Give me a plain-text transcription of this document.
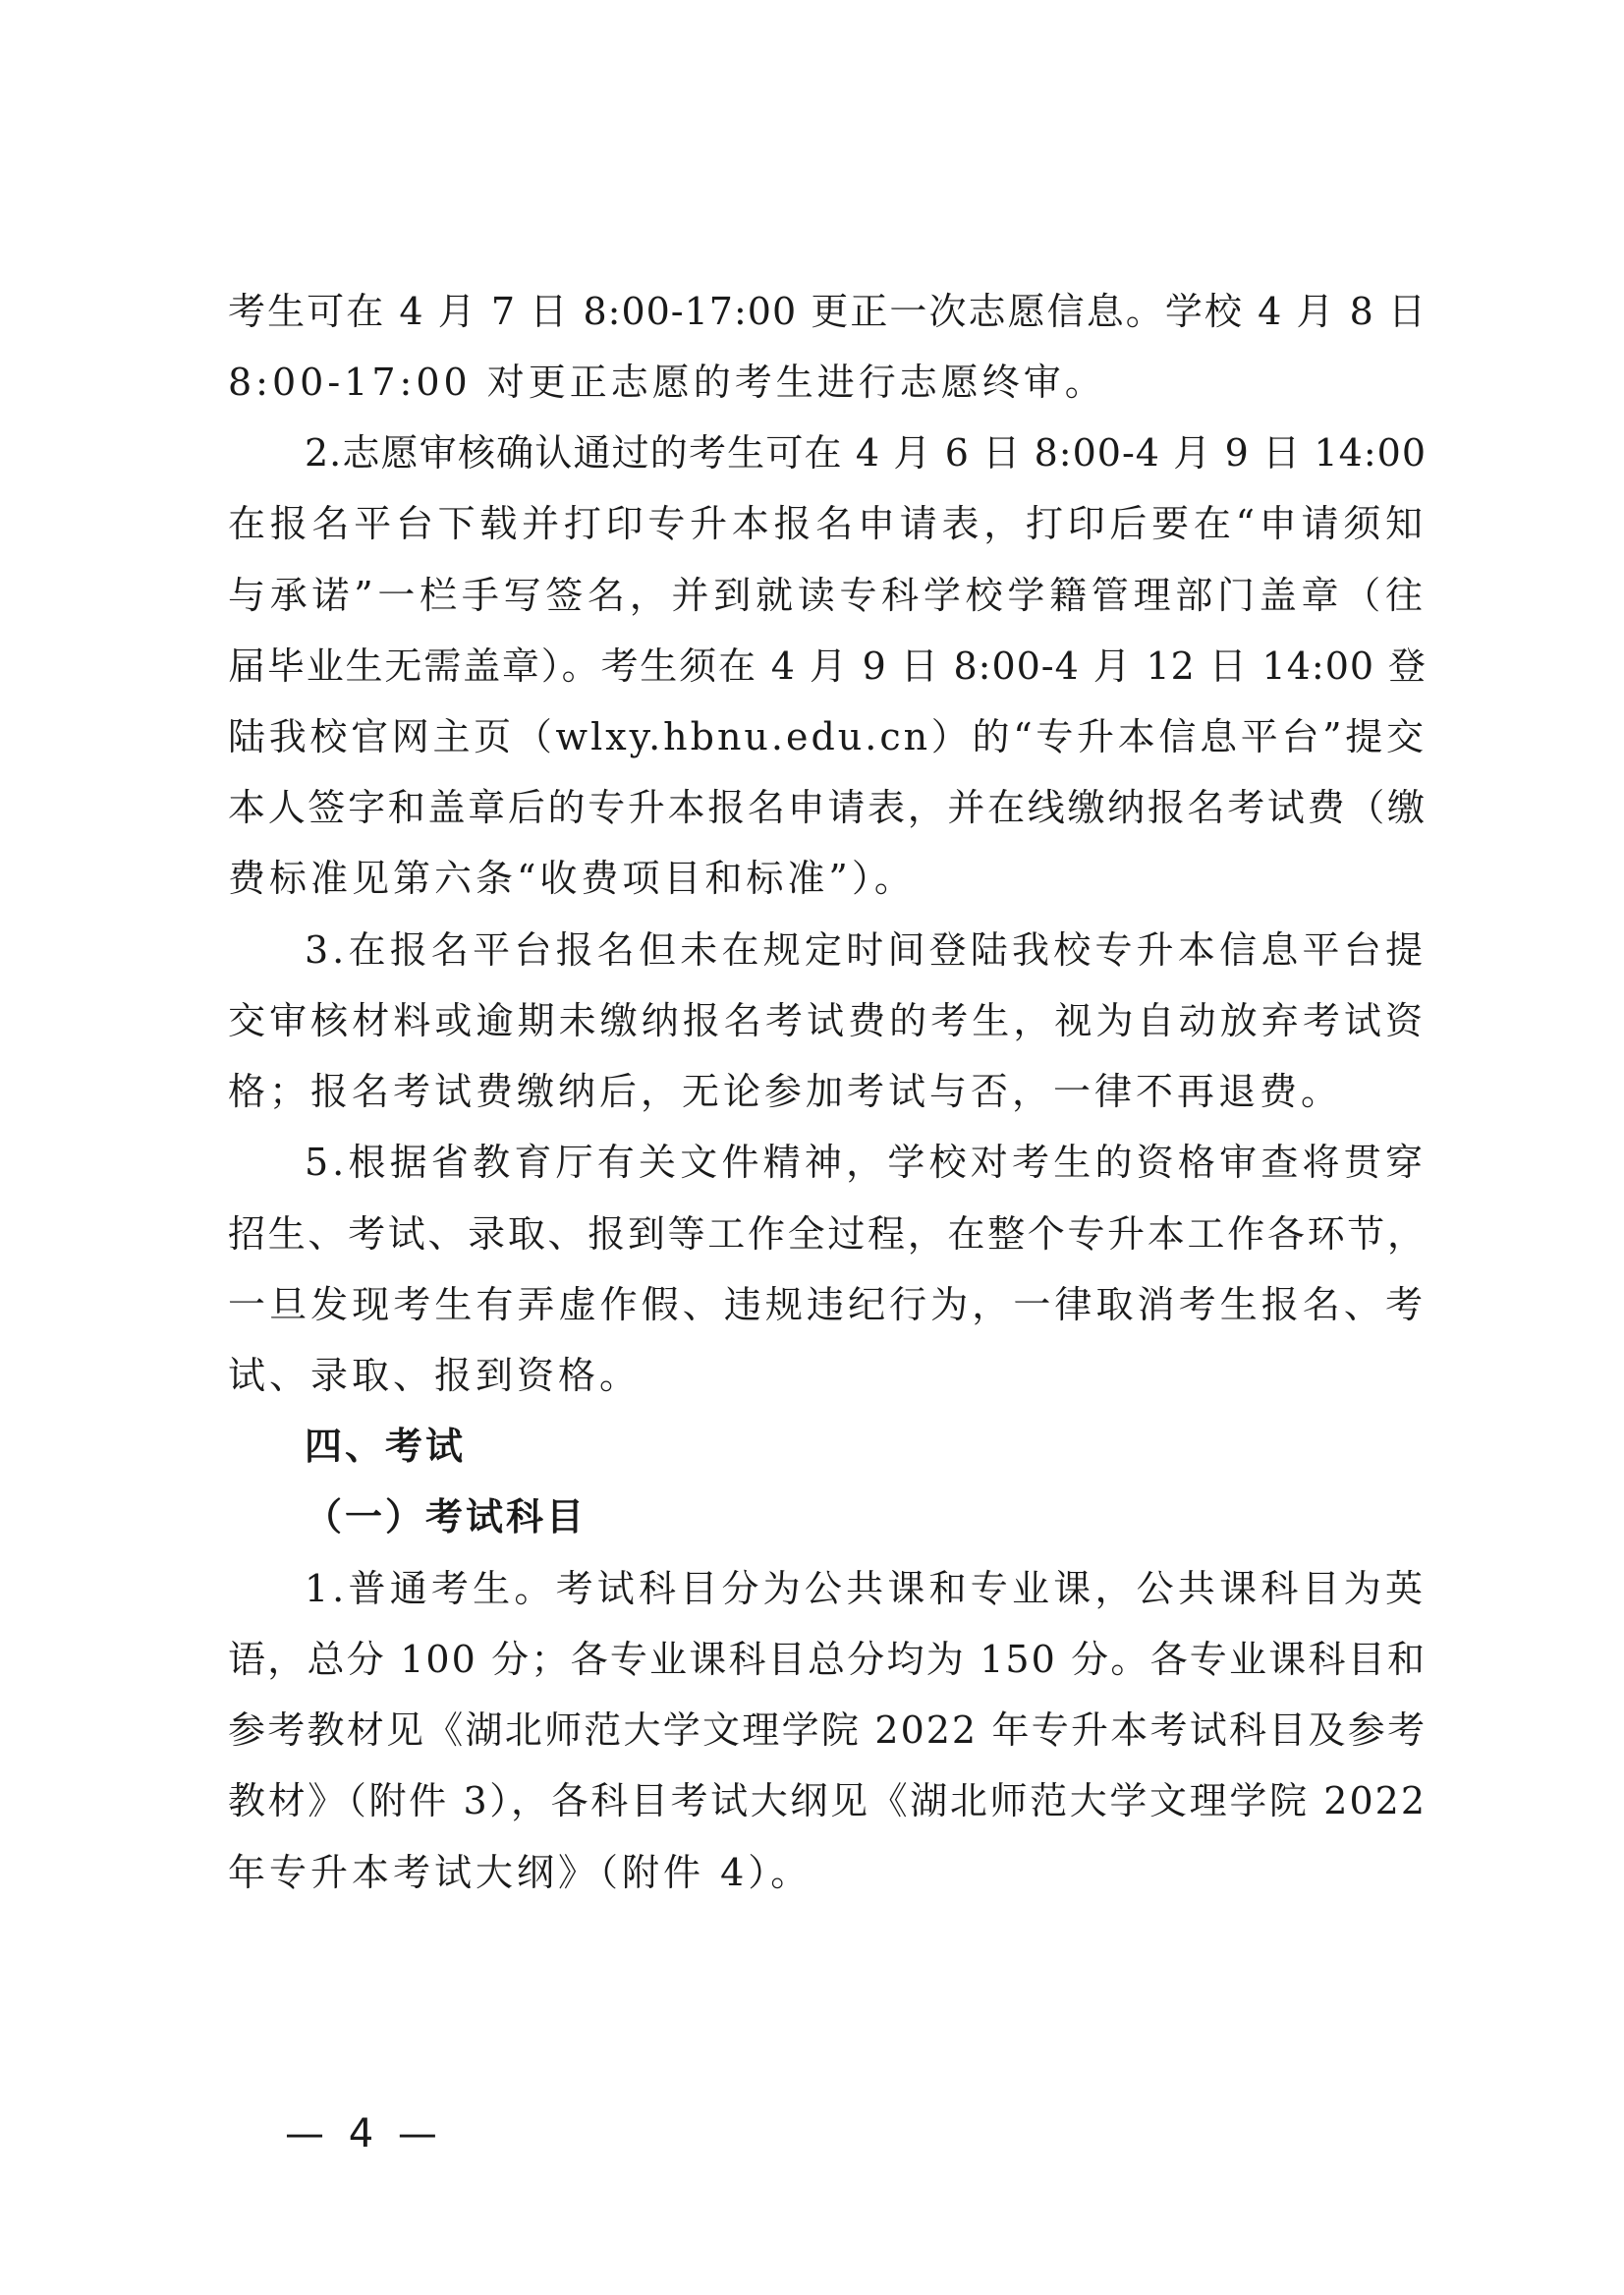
考生可在 4 月 7 日 8:00-17:00 更正一次志愿信息。学校 4 月 8 日
8:00-17:00 对更正志愿的考生进行志愿终审。
2.志愿审核确认通过的考生可在 4 月 6 日 8:00-4 月 9 日 14:00
在报名平台下载并打印专升本报名申请表，打印后要在“申请须知
与承诺”一栏手写签名，并到就读专科学校学籍管理部门盖章（往
届毕业生无需盖章）。考生须在 4 月 9 日 8:00-4 月 12 日 14:00 登
陆我校官网主页（wlxy.hbnu.edu.cn）的“专升本信息平台”提交
本人签字和盖章后的专升本报名申请表，并在线缴纳报名考试费（缴
费标准见第六条“收费项目和标准”）。
3.在报名平台报名但未在规定时间登陆我校专升本信息平台提
交审核材料或逾期未缴纳报名考试费的考生，视为自动放弃考试资
格；报名考试费缴纳后，无论参加考试与否，一律不再退费。
5.根据省教育厅有关文件精神，学校对考生的资格审查将贯穿
招生、考试、录取、报到等工作全过程，在整个专升本工作各环节，
一旦发现考生有弄虚作假、违规违纪行为，一律取消考生报名、考
试、录取、报到资格。
四、考试
（一）考试科目
1.普通考生。考试科目分为公共课和专业课，公共课科目为英
语，总分 100 分；各专业课科目总分均为 150 分。各专业课科目和
参考教材见《湖北师范大学文理学院 2022 年专升本考试科目及参考
教材》（附件 3），各科目考试大纲见《湖北师范大学文理学院 2022
年专升本考试大纲》（附件 4）。
— 4 —
